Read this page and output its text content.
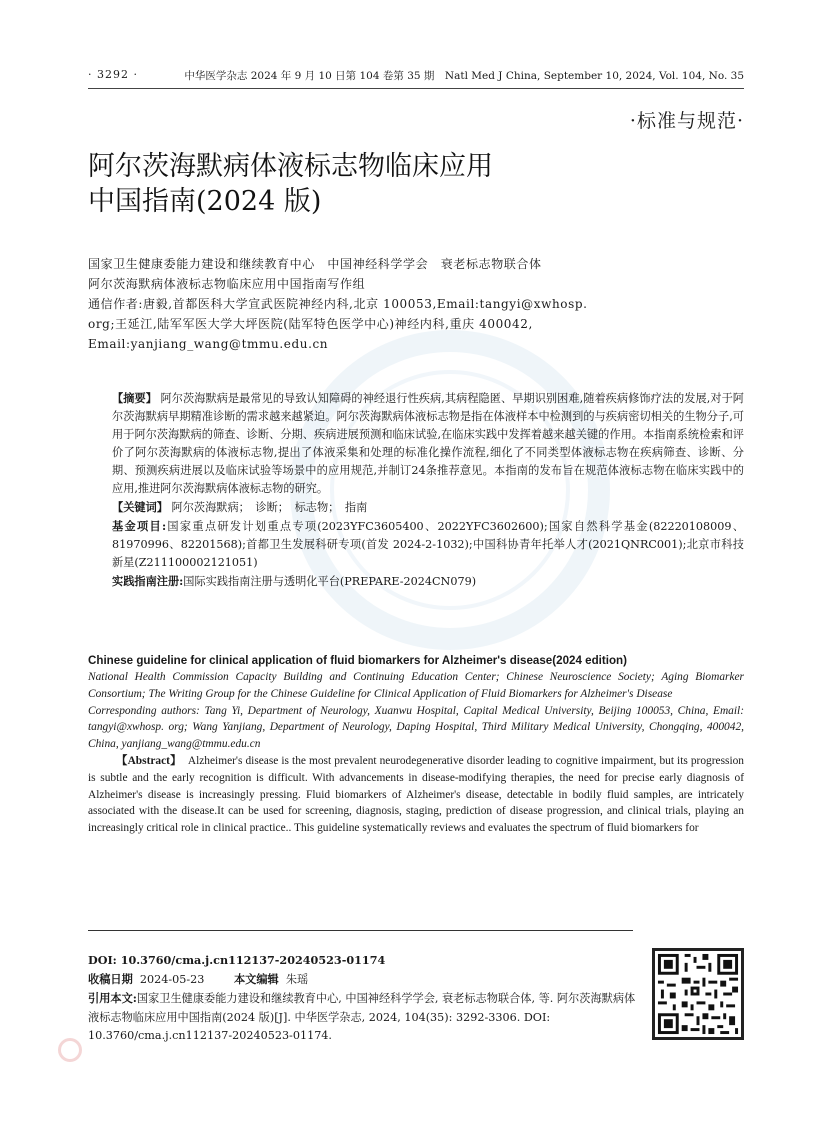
· 3292 ·	中华医学杂志 2024 年 9 月 10 日第 104 卷第 35 期　Natl Med J China, September 10, 2024, Vol. 104, No. 35
·标准与规范·
阿尔茨海默病体液标志物临床应用
中国指南(2024 版)
国家卫生健康委能力建设和继续教育中心　中国神经科学学会　衰老标志物联合体
阿尔茨海默病体液标志物临床应用中国指南写作组
通信作者:唐毅,首都医科大学宣武医院神经内科,北京 100053,Email:tangyi@xwhosp.
org;王延江,陆军军医大学大坪医院(陆军特色医学中心)神经内科,重庆 400042,
Email:yanjiang_wang@tmmu.edu.cn

【摘要】 阿尔茨海默病是最常见的导致认知障碍的神经退行性疾病,其病程隐匿、早期识别困难,随着疾病修饰疗法的发展,对于阿尔茨海默病早期精准诊断的需求越来越紧迫。阿尔茨海默病体液标志物是指在体液样本中检测到的与疾病密切相关的生物分子,可用于阿尔茨海默病的筛查、诊断、分期、疾病进展预测和临床试验,在临床实践中发挥着越来越关键的作用。本指南系统检索和评价了阿尔茨海默病的体液标志物,提出了体液采集和处理的标准化操作流程,细化了不同类型体液标志物在疾病筛查、诊断、分期、预测疾病进展以及临床试验等场景中的应用规范,并制订24条推荐意见。本指南的发布旨在规范体液标志物在临床实践中的应用,推进阿尔茨海默病体液标志物的研究。

【关键词】 阿尔茨海默病；　诊断；　标志物；　指南

基金项目:国家重点研发计划重点专项(2023YFC3605400、2022YFC3602600);国家自然科学基金(82220108009、81970996、82201568);首都卫生发展科研专项(首发 2024-2-1032);中国科协青年托举人才(2021QNRC001);北京市科技新星(Z211100002121051)

实践指南注册:国际实践指南注册与透明化平台(PREPARE-2024CN079)

Chinese guideline for clinical application of fluid biomarkers for Alzheimer's disease(2024 edition)
National Health Commission Capacity Building and Continuing Education Center; Chinese Neuroscience Society; Aging Biomarker Consortium; The Writing Group for the Chinese Guideline for Clinical Application of Fluid Biomarkers for Alzheimer's Disease
Corresponding authors: Tang Yi, Department of Neurology, Xuanwu Hospital, Capital Medical University, Beijing 100053, China, Email: tangyi@xwhosp. org; Wang Yanjiang, Department of Neurology, Daping Hospital, Third Military Medical University, Chongqing, 400042, China, yanjiang_wang@tmmu.edu.cn
【Abstract】 Alzheimer's disease is the most prevalent neurodegenerative disorder leading to cognitive impairment, but its progression is subtle and the early recognition is difficult. With advancements in disease-modifying therapies, the need for precise early diagnosis of Alzheimer's disease is increasingly pressing. Fluid biomarkers of Alzheimer's disease, detectable in bodily fluid samples, are intricately associated with the disease.It can be used for screening, diagnosis, staging, prediction of disease progression, and clinical trials, playing an increasingly critical role in clinical practice.. This guideline systematically reviews and evaluates the spectrum of fluid biomarkers for
DOI: 10.3760/cma.j.cn112137-20240523-01174
收稿日期 2024-05-23	本文编辑 朱瑶
引用本文:国家卫生健康委能力建设和继续教育中心, 中国神经科学学会, 衰老标志物联合体, 等. 阿尔茨海默病体液标志物临床应用中国指南(2024 版)[J]. 中华医学杂志, 2024, 104(35): 3292-3306. DOI: 10.3760/cma.j.cn112137-20240523-01174.
